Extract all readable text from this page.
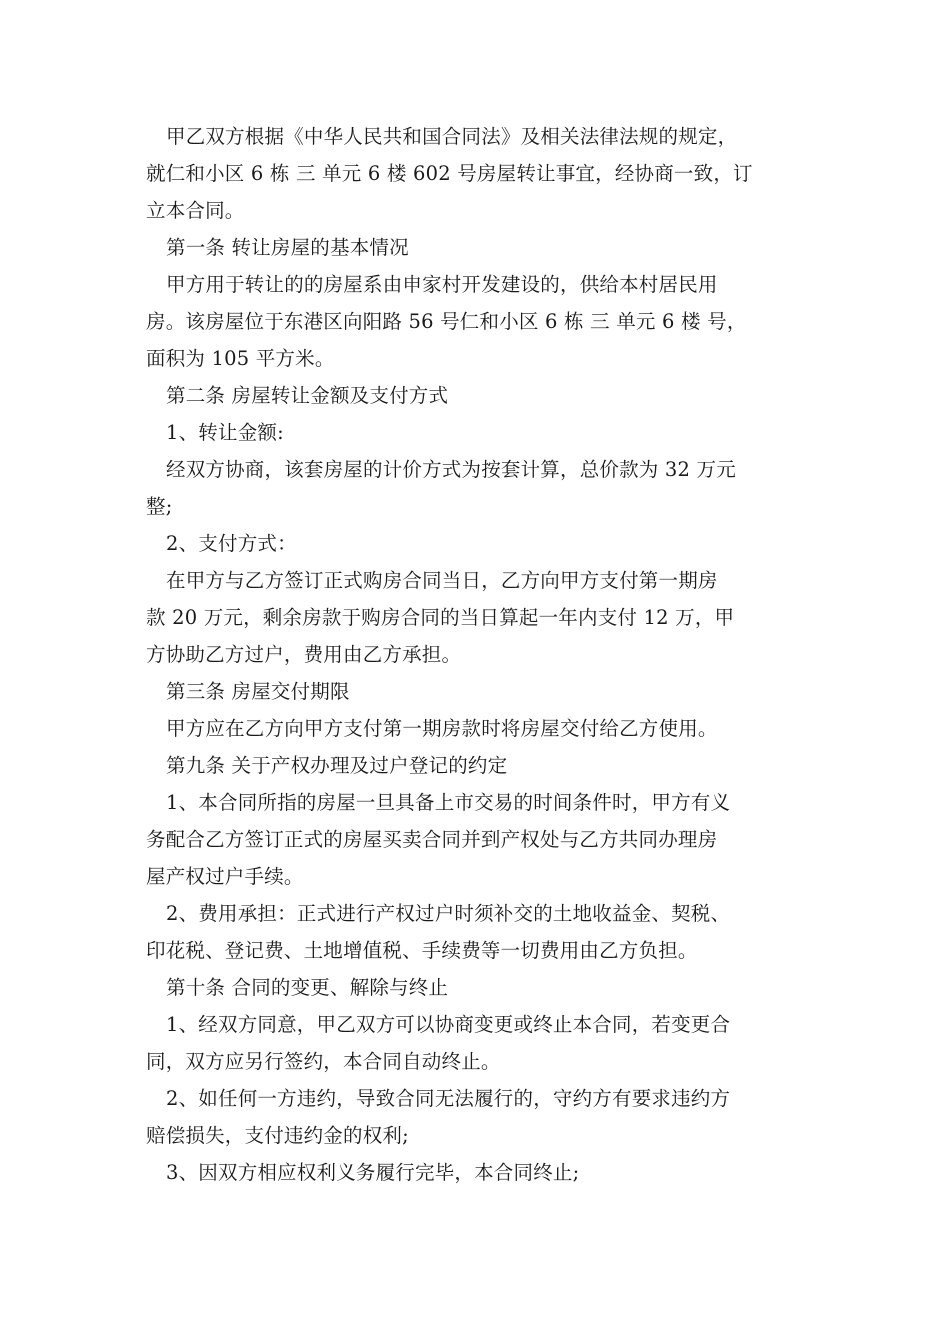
甲乙双方根据《中华人民共和国合同法》及相关法律法规的规定，
就仁和小区 6 栋 三 单元 6 楼 602 号房屋转让事宜，经协商一致，订
立本合同。
第一条 转让房屋的基本情况
甲方用于转让的的房屋系由申家村开发建设的，供给本村居民用
房。该房屋位于东港区向阳路 56 号仁和小区 6 栋 三 单元 6 楼 号，
面积为 105 平方米。
第二条 房屋转让金额及支付方式
1、转让金额:
经双方协商，该套房屋的计价方式为按套计算，总价款为 32 万元
整;
2、支付方式：
在甲方与乙方签订正式购房合同当日，乙方向甲方支付第一期房
款 20 万元，剩余房款于购房合同的当日算起一年内支付 12 万，甲
方协助乙方过户，费用由乙方承担。
第三条 房屋交付期限
甲方应在乙方向甲方支付第一期房款时将房屋交付给乙方使用。
第九条 关于产权办理及过户登记的约定
1、本合同所指的房屋一旦具备上市交易的时间条件时，甲方有义
务配合乙方签订正式的房屋买卖合同并到产权处与乙方共同办理房
屋产权过户手续。
2、费用承担：正式进行产权过户时须补交的土地收益金、契税、
印花税、登记费、土地增值税、手续费等一切费用由乙方负担。
第十条 合同的变更、解除与终止
1、经双方同意，甲乙双方可以协商变更或终止本合同，若变更合
同，双方应另行签约，本合同自动终止。
2、如任何一方违约，导致合同无法履行的，守约方有要求违约方
赔偿损失，支付违约金的权利;
3、因双方相应权利义务履行完毕，本合同终止;
